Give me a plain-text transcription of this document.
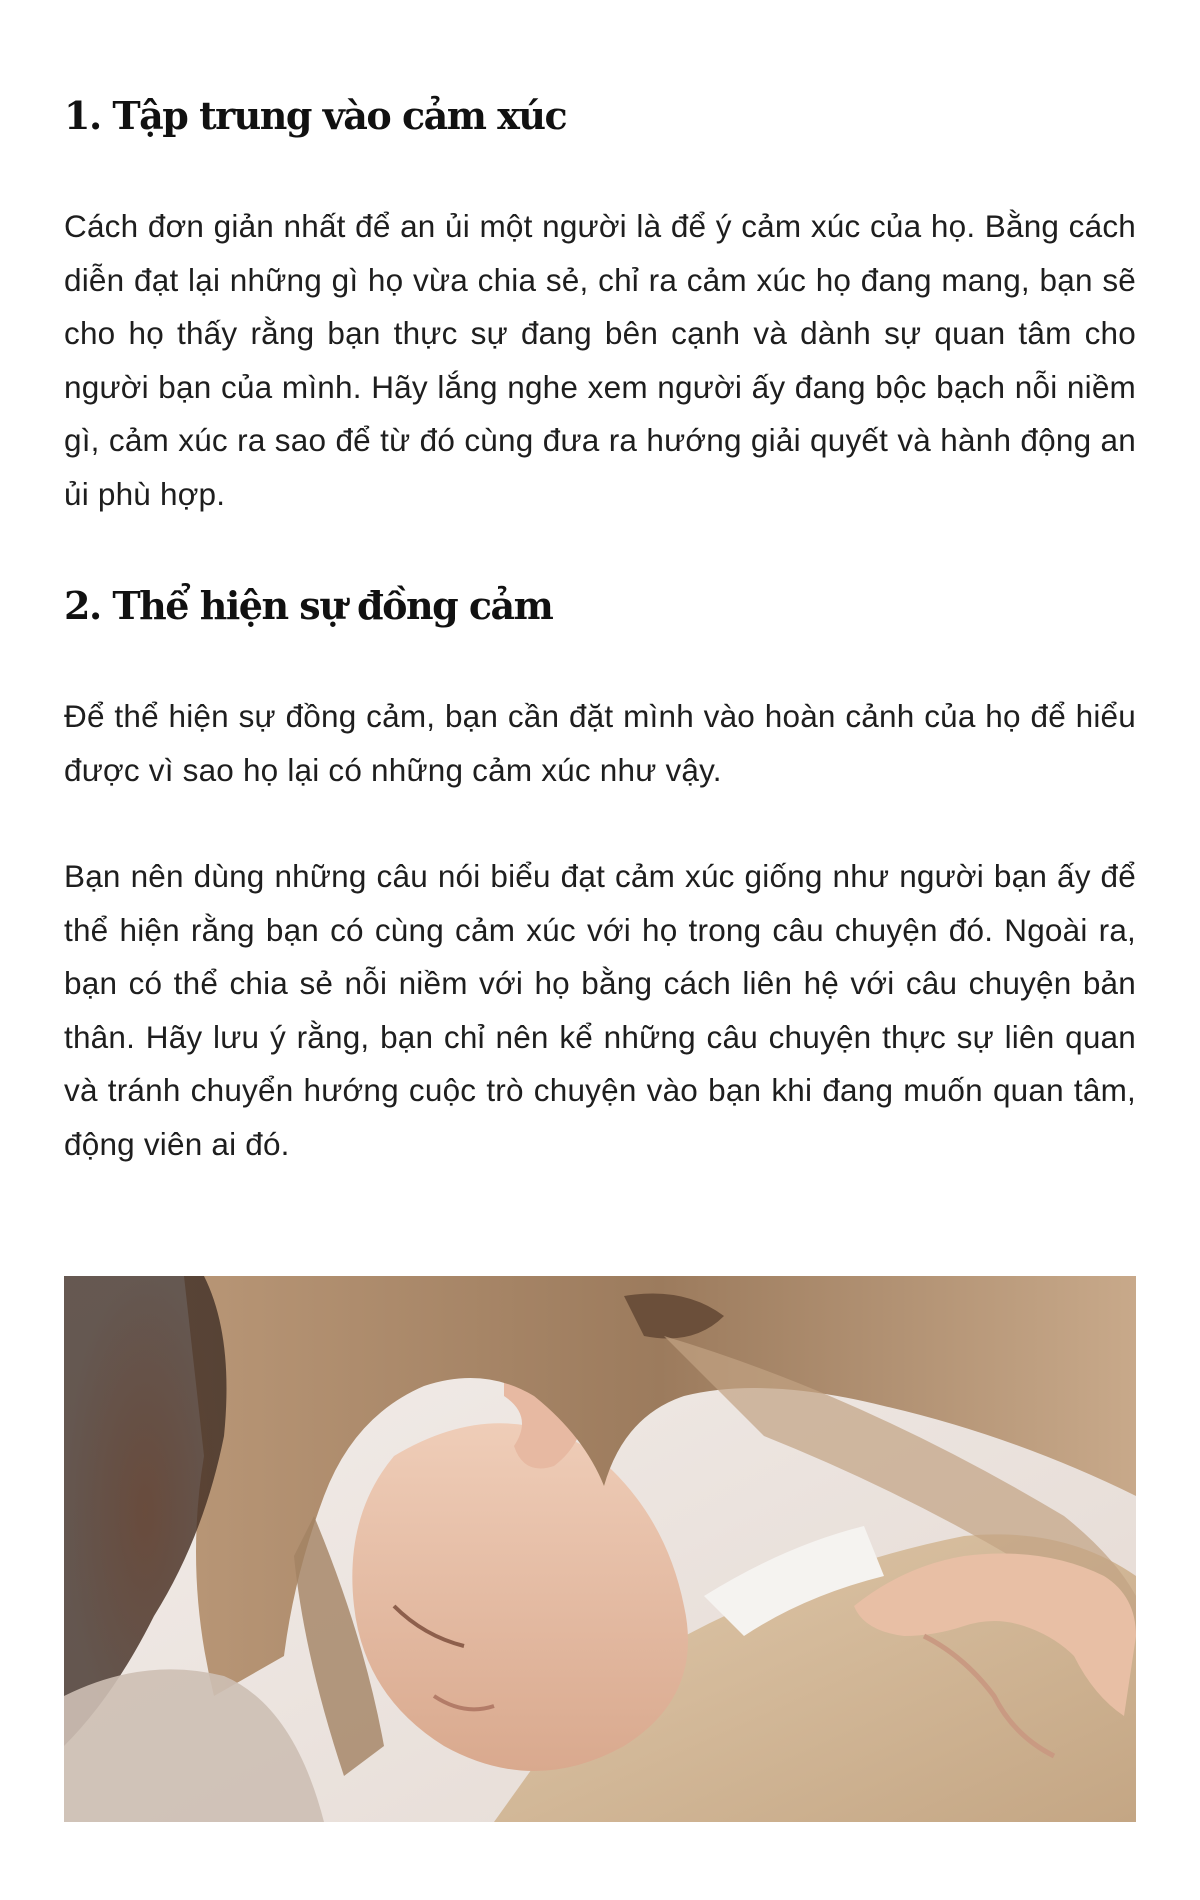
1. Tập trung vào cảm xúc

Cách đơn giản nhất để an ủi một người là để ý cảm xúc của họ. Bằng cách diễn đạt lại những gì họ vừa chia sẻ, chỉ ra cảm xúc họ đang mang, bạn sẽ cho họ thấy rằng bạn thực sự đang bên cạnh và dành sự quan tâm cho người bạn của mình. Hãy lắng nghe xem người ấy đang bộc bạch nỗi niềm gì, cảm xúc ra sao để từ đó cùng đưa ra hướng giải quyết và hành động an ủi phù hợp.

2. Thể hiện sự đồng cảm

Để thể hiện sự đồng cảm, bạn cần đặt mình vào hoàn cảnh của họ để hiểu được vì sao họ lại có những cảm xúc như vậy.

Bạn nên dùng những câu nói biểu đạt cảm xúc giống như người bạn ấy để thể hiện rằng bạn có cùng cảm xúc với họ trong câu chuyện đó. Ngoài ra, bạn có thể chia sẻ nỗi niềm với họ bằng cách liên hệ với câu chuyện bản thân. Hãy lưu ý rằng, bạn chỉ nên kể những câu chuyện thực sự liên quan và tránh chuyển hướng cuộc trò chuyện vào bạn khi đang muốn quan tâm, động viên ai đó.
